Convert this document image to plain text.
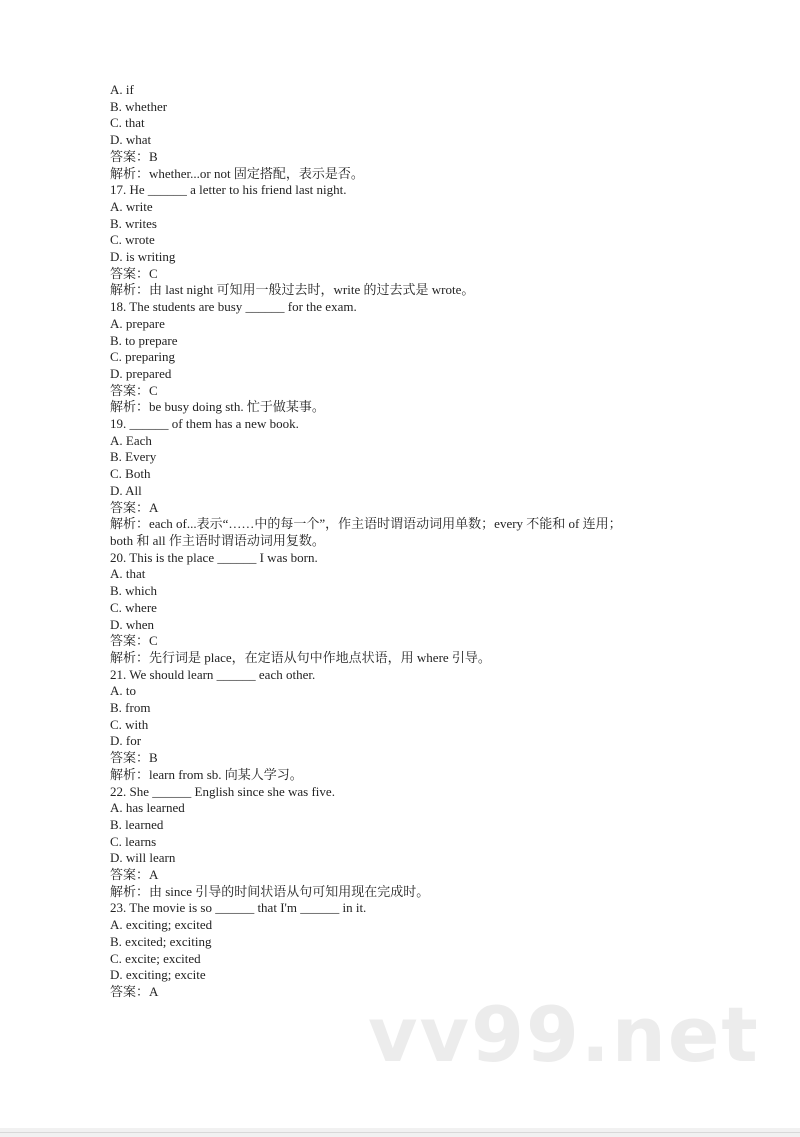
A. if
B. whether
C. that
D. what
答案：B
解析：whether...or not 固定搭配，表示是否。
17. He ______ a letter to his friend last night.
A. write
B. writes
C. wrote
D. is writing
答案：C
解析：由 last night 可知用一般过去时，write 的过去式是 wrote。
18. The students are busy ______ for the exam.
A. prepare
B. to prepare
C. preparing
D. prepared
答案：C
解析：be busy doing sth. 忙于做某事。
19. ______ of them has a new book.
A. Each
B. Every
C. Both
D. All
答案：A
解析：each of...表示“……中的每一个”，作主语时谓语动词用单数；every 不能和 of 连用；
both 和 all 作主语时谓语动词用复数。
20. This is the place ______ I was born.
A. that
B. which
C. where
D. when
答案：C
解析：先行词是 place，在定语从句中作地点状语，用 where 引导。
21. We should learn ______ each other.
A. to
B. from
C. with
D. for
答案：B
解析：learn from sb. 向某人学习。
22. She ______ English since she was five.
A. has learned
B. learned
C. learns
D. will learn
答案：A
解析：由 since 引导的时间状语从句可知用现在完成时。
23. The movie is so ______ that I'm ______ in it.
A. exciting; excited
B. excited; exciting
C. excite; excited
D. exciting; excite
答案：A	vv99.net
